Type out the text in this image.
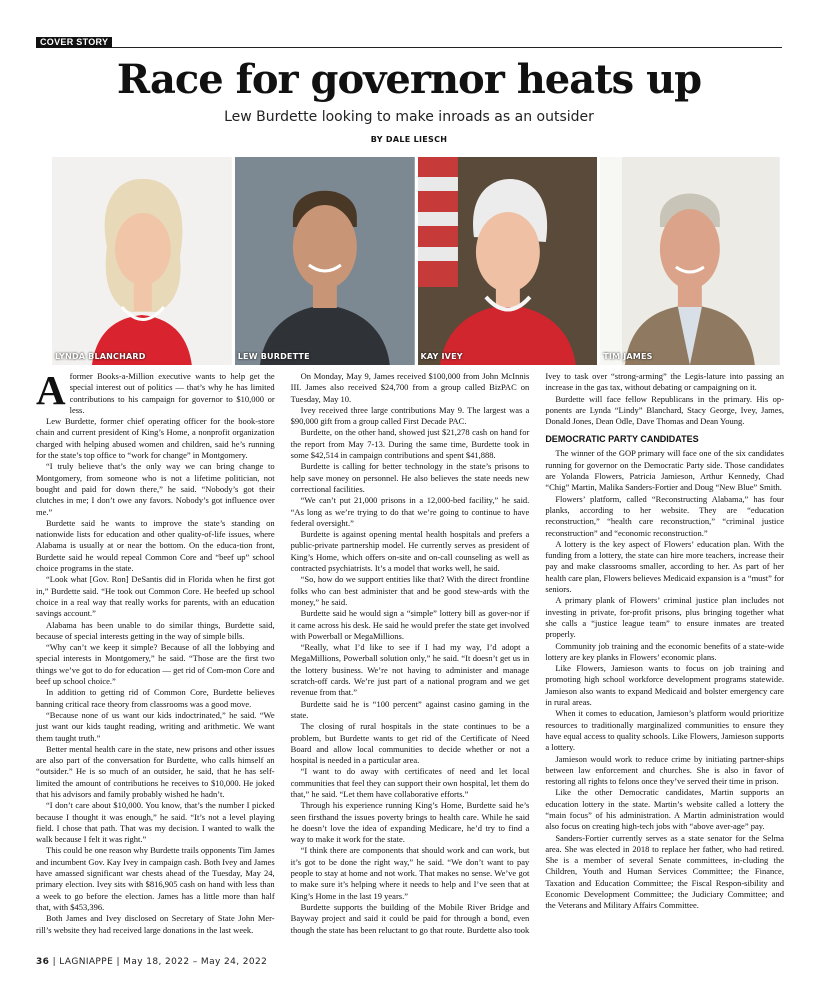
COVER STORY
Race for governor heats up

Lew Burdette looking to make inroads as an outsider

BY DALE LIESCH

LYNDA BLANCHARD	LEW BURDETTE	KAY IVEY	TIM JAMES

Aformer Books-a-Million executive wants to help get the special interest out of politics — that’s why he has limited contributions to his campaign for governor to $10,000 or less.

Lew Burdette, former chief operating officer for the book-store chain and current president of King’s Home, a nonprofit organization charged with helping abused women and children, said he’s running for the state’s top office to “work for change” in Montgomery.

“I truly believe that’s the only way we can bring change to Montgomery, from someone who is not a lifetime politician, not bought and paid for down there,” he said. “Nobody’s got their clutches in me; I don’t owe any favors. Nobody’s got influence over me.”

Burdette said he wants to improve the state’s standing on nationwide lists for education and other quality-of-life issues, where Alabama is usually at or near the bottom. On the educa-tion front, Burdette said he would repeal Common Core and “beef up” school choice programs in the state.

“Look what [Gov. Ron] DeSantis did in Florida when he first got in,” Burdette said. “He took out Common Core. He beefed up school choice in a real way that really works for parents, with an education savings account.”

Alabama has been unable to do similar things, Burdette said, because of special interests getting in the way of simple bills.

“Why can’t we keep it simple? Because of all the lobbying and special interests in Montgomery,” he said. “Those are the first two things we’ve got to do for education — get rid of Com-mon Core and beef up school choice.”

In addition to getting rid of Common Core, Burdette believes banning critical race theory from classrooms was a good move.

“Because none of us want our kids indoctrinated,” he said. “We just want our kids taught reading, writing and arithmetic. We want them taught truth.”

Better mental health care in the state, new prisons and other issues are also part of the conversation for Burdette, who calls himself an “outsider.” He is so much of an outsider, he said, that he has self-limited the amount of contributions he receives to $10,000. He joked that his advisors and family probably wished he hadn’t.

“I don’t care about $10,000. You know, that’s the number I picked because I thought it was enough,” he said. “It’s not a level playing field. I chose that path. That was my decision. I wanted to walk the walk because I felt it was right.”

This could be one reason why Burdette trails opponents Tim James and incumbent Gov. Kay Ivey in campaign cash. Both Ivey and James have amassed significant war chests ahead of the Tuesday, May 24, primary election. Ivey sits with $816,905 cash on hand with less than a week to go before the election. James has a little more than half that, with $453,396.

Both James and Ivey disclosed on Secretary of State John Mer-rill’s website they had received large donations in the last week.

On Monday, May 9, James received $100,000 from John McInnis III. James also received $24,700 from a group called BizPAC on Tuesday, May 10.

Ivey received three large contributions May 9. The largest was a $90,000 gift from a group called First Decade PAC.

Burdette, on the other hand, showed just $21,278 cash on hand for the report from May 7-13. During the same time, Burdette took in some $42,514 in campaign contributions and spent $41,888.

Burdette is calling for better technology in the state’s prisons to help save money on personnel. He also believes the state needs new correctional facilities.

“We can’t put 21,000 prisons in a 12,000-bed facility,” he said. “As long as we’re trying to do that we’re going to continue to have federal oversight.”

Burdette is against opening mental health hospitals and prefers a public-private partnership model. He currently serves as president of King’s Home, which offers on-site and on-call counseling as well as contracted psychiatrists. It’s a model that works well, he said.

“So, how do we support entities like that? With the direct frontline folks who can best administer that and be good stew-ards with the money,” he said.

Burdette said he would sign a “simple” lottery bill as gover-nor if it came across his desk. He said he would prefer the state get involved with Powerball or MegaMillions.

“Really, what I’d like to see if I had my way, I’d adopt a MegaMillions, Powerball solution only,” he said. “It doesn’t get us in the lottery business. We’re not having to administer and manage scratch-off cards. We’re just part of a national program and we get revenue from that.”

Burdette said he is “100 percent” against casino gaming in the state.

The closing of rural hospitals in the state continues to be a problem, but Burdette wants to get rid of the Certificate of Need Board and allow local communities to decide whether or not a hospital is needed in a particular area.

“I want to do away with certificates of need and let local communities that feel they can support their own hospital, let them do that,” he said. “Let them have collaborative efforts.”

Through his experience running King’s Home, Burdette said he’s seen firsthand the issues poverty brings to health care. While he said he doesn’t love the idea of expanding Medicare, he’d try to find a way to make it work for the state.

“I think there are components that should work and can work, but it’s got to be done the right way,” he said. “We don’t want to pay people to stay at home and not work. That makes no sense. We’ve got to make sure it’s helping where it needs to help and I’ve seen that at King’s Home in the last 19 years.”

Burdette supports the building of the Mobile River Bridge and Bayway project and said it could be paid for through a bond, even though the state has been reluctant to go that route. Burdette also took Ivey to task over “strong-arming” the Legis-lature into passing an increase in the gas tax, without debating or campaigning on it.

Burdette will face fellow Republicans in the primary. His op-ponents are Lynda “Lindy” Blanchard, Stacy George, Ivey, James, Donald Jones, Dean Odle, Dave Thomas and Dean Young.

DEMOCRATIC PARTY CANDIDATES

The winner of the GOP primary will face one of the six candidates running for governor on the Democratic Party side. Those candidates are Yolanda Flowers, Patricia Jamieson, Arthur Kennedy, Chad “Chig” Martin, Malika Sanders-Fortier and Doug “New Blue” Smith.

Flowers’ platform, called “Reconstructing Alabama,” has four planks, according to her website. They are “education reconstruction,” “health care reconstruction,” “criminal justice reconstruction” and “economic reconstruction.”

A lottery is the key aspect of Flowers’ education plan. With the funding from a lottery, the state can hire more teachers, increase their pay and make classrooms smaller, according to her. As part of her health care plan, Flowers believes Medicaid expansion is a “must” for seniors.

A primary plank of Flowers’ criminal justice plan includes not investing in private, for-profit prisons, plus bringing together what she calls a “justice league team” to ensure inmates are treated properly.

Community job training and the economic benefits of a state-wide lottery are key planks in Flowers’ economic plans.

Like Flowers, Jamieson wants to focus on job training and promoting high school workforce development programs statewide. Jamieson also wants to expand Medicaid and bolster emergency care in rural areas.

When it comes to education, Jamieson’s platform would prioritize resources to traditionally marginalized communities to ensure they have equal access to quality schools. Like Flowers, Jamieson supports a lottery.

Jamieson would work to reduce crime by initiating partner-ships between law enforcement and churches. She is also in favor of restoring all rights to felons once they’ve served their time in prison.

Like the other Democratic candidates, Martin supports an education lottery in the state. Martin’s website called a lottery the “main focus” of his administration. A Martin administration would also focus on creating high-tech jobs with “above aver-age” pay.

Sanders-Fortier currently serves as a state senator for the Selma area. She was elected in 2018 to replace her father, who had retired. She is a member of several Senate committees, in-cluding the Children, Youth and Human Services Committee; the Finance, Taxation and Education Committee; the Fiscal Respon-sibility and Economic Development Committee; the Judiciary Committee; and the Veterans and Military Affairs Committee.

36 | LAGNIAPPE | May 18, 2022 – May 24, 2022
